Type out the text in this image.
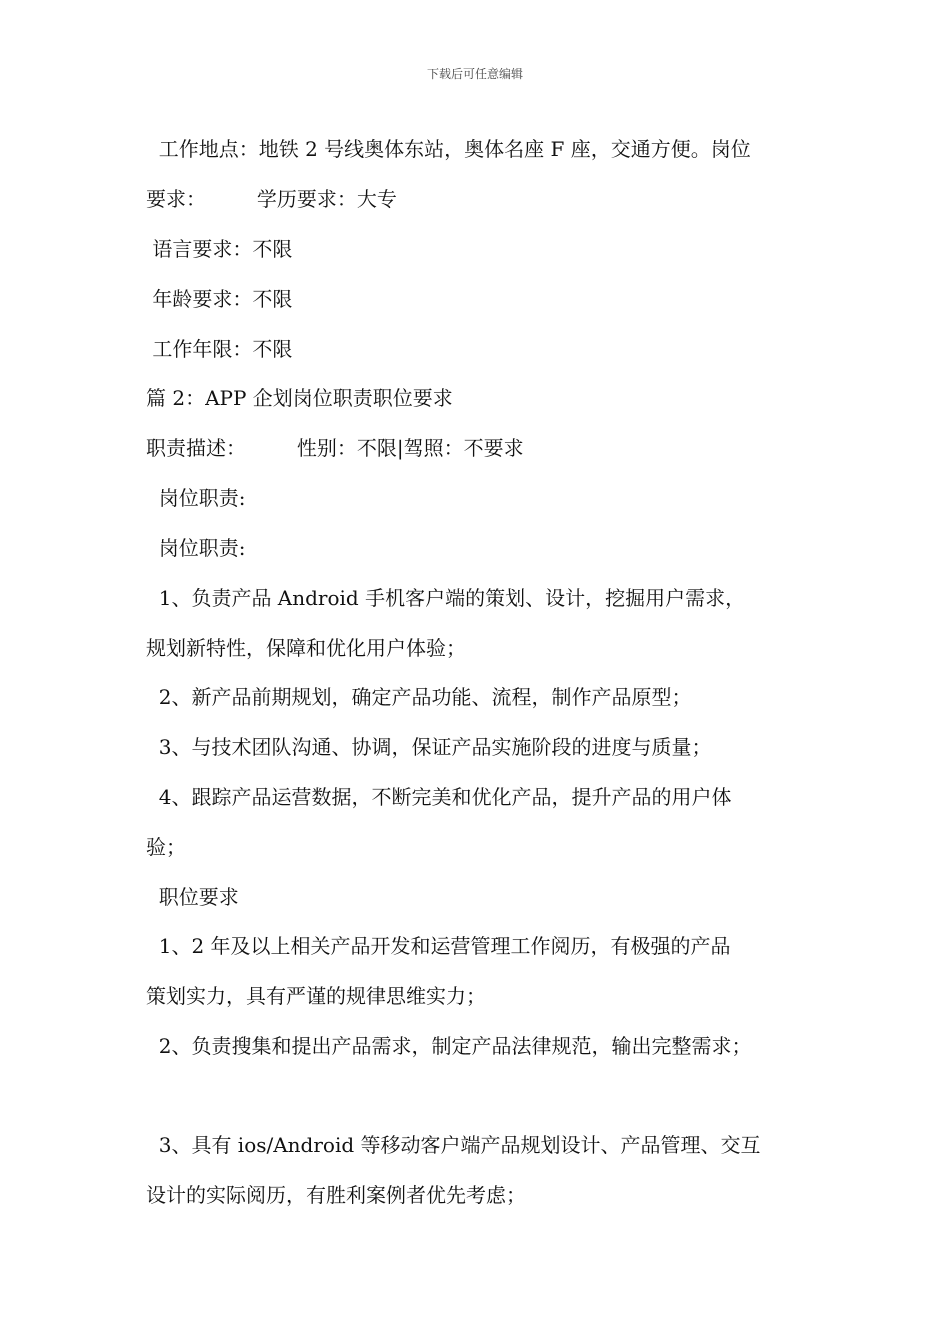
下载后可任意编辑
工作地点：地铁 2 号线奥体东站，奥体名座 F 座，交通方便。岗位
要求：        学历要求：大专
语言要求：不限
年龄要求：不限
工作年限：不限
篇 2：APP 企划岗位职责职位要求
职责描述：        性别：不限|驾照：不要求
岗位职责:
岗位职责:
1、负责产品 Android 手机客户端的策划、设计，挖掘用户需求，
规划新特性，保障和优化用户体验；
2、新产品前期规划，确定产品功能、流程，制作产品原型；
3、与技术团队沟通、协调，保证产品实施阶段的进度与质量；
4、跟踪产品运营数据，不断完美和优化产品，提升产品的用户体
验；
职位要求
1、2 年及以上相关产品开发和运营管理工作阅历，有极强的产品
策划实力，具有严谨的规律思维实力；
2、负责搜集和提出产品需求，制定产品法律规范，输出完整需求；
3、具有 ios/Android 等移动客户端产品规划设计、产品管理、交互
设计的实际阅历，有胜利案例者优先考虑；
